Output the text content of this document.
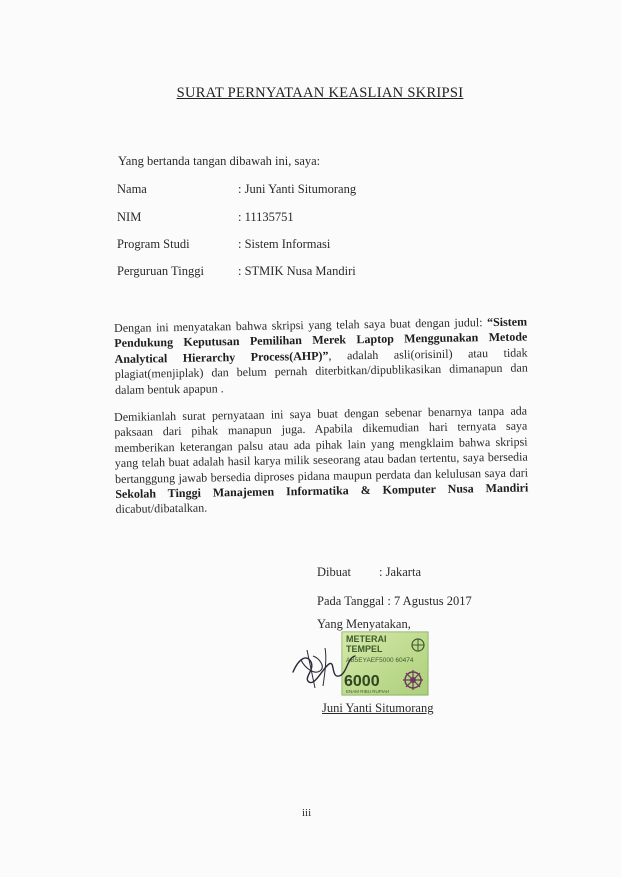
SURAT PERNYATAAN KEASLIAN SKRIPSI
Yang bertanda tangan dibawah ini, saya:
Nama	: Juni Yanti Situmorang
NIM	: 11135751
Program Studi	: Sistem Informasi
Perguruan Tinggi	: STMIK Nusa Mandiri
Dengan ini menyatakan bahwa skripsi yang telah saya buat dengan judul: “Sistem Pendukung Keputusan Pemilihan Merek Laptop Menggunakan Metode Analytical Hierarchy Process(AHP)”, adalah asli(orisinil) atau tidak plagiat(menjiplak) dan belum pernah diterbitkan/dipublikasikan dimanapun dan dalam bentuk apapun .
Demikianlah surat pernyataan ini saya buat dengan sebenar benarnya tanpa ada paksaan dari pihak manapun juga. Apabila dikemudian hari ternyata saya memberikan keterangan palsu atau ada pihak lain yang mengklaim bahwa skripsi yang telah buat adalah hasil karya milik seseorang atau badan tertentu, saya bersedia bertanggung jawab bersedia diproses pidana maupun perdata dan kelulusan saya dari Sekolah Tinggi Manajemen Informatika & Komputer Nusa Mandiri dicabut/dibatalkan.
Dibuat : Jakarta
Pada Tanggal : 7 Agustus 2017
Yang Menyatakan,
METERAI
TEMPEL
AB5EYAEF5000 60474
6000
ENAM RIBU RUPIAH
Juni Yanti Situmorang
iii
